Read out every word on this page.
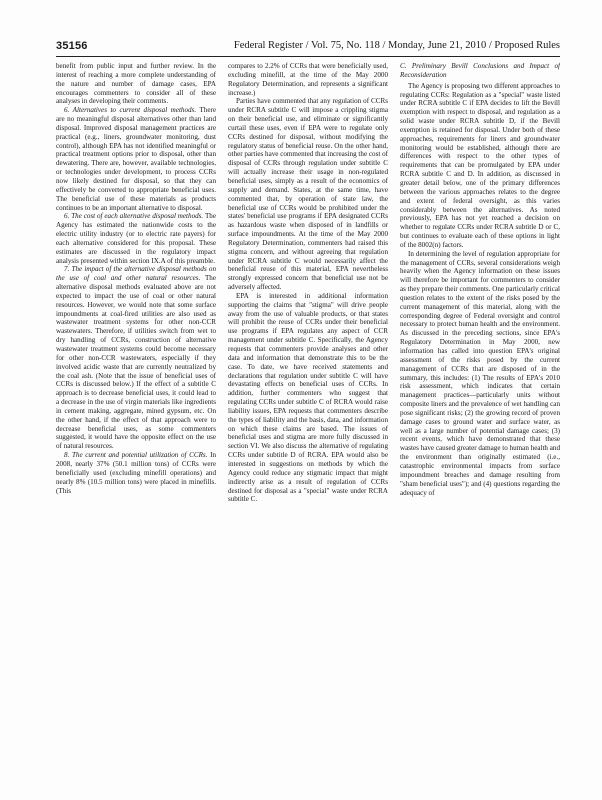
35156	Federal Register / Vol. 75, No. 118 / Monday, June 21, 2010 / Proposed Rules

benefit from public input and further review. In the interest of reaching a more complete understanding of the nature and number of damage cases, EPA encourages commenters to consider all of these analyses in developing their comments.

6. Alternatives to current disposal methods. There are no meaningful disposal alternatives other than land disposal. Improved disposal management practices are practical (e.g., liners, groundwater monitoring, dust control), although EPA has not identified meaningful or practical treatment options prior to disposal, other than dewatering. There are, however, available technologies, or technologies under development, to process CCRs now likely destined for disposal, so that they can effectively be converted to appropriate beneficial uses. The beneficial use of these materials as products continues to be an important alternative to disposal.

6. The cost of each alternative disposal methods. The Agency has estimated the nationwide costs to the electric utility industry (or to electric rate payers) for each alternative considered for this proposal. These estimates are discussed in the regulatory impact analysis presented within section IX.A of this preamble.

7. The impact of the alternative disposal methods on the use of coal and other natural resources. The alternative disposal methods evaluated above are not expected to impact the use of coal or other natural resources. However, we would note that some surface impoundments at coal-fired utilities are also used as wastewater treatment systems for other non-CCR wastewaters. Therefore, if utilities switch from wet to dry handling of CCRs, construction of alternative wastewater treatment systems could become necessary for other non-CCR wastewaters, especially if they involved acidic waste that are currently neutralized by the coal ash. (Note that the issue of beneficial uses of CCRs is discussed below.) If the effect of a subtitle C approach is to decrease beneficial uses, it could lead to a decrease in the use of virgin materials like ingredients in cement making, aggregate, mined gypsum, etc. On the other hand, if the effect of that approach were to decrease beneficial uses, as some commenters suggested, it would have the opposite effect on the use of natural resources.

8. The current and potential utilization of CCRs. In 2008, nearly 37% (50.1 million tons) of CCRs were beneficially used (excluding minefill operations) and nearly 8% (10.5 million tons) were placed in minefills. (This

compares to 2.2% of CCRs that were beneficially used, excluding minefill, at the time of the May 2000 Regulatory Determination, and represents a significant increase.)

Parties have commented that any regulation of CCRs under RCRA subtitle C will impose a crippling stigma on their beneficial use, and eliminate or significantly curtail these uses, even if EPA were to regulate only CCRs destined for disposal, without modifying the regulatory status of beneficial reuse. On the other hand, other parties have commented that increasing the cost of disposal of CCRs through regulation under subtitle C will actually increase their usage in non-regulated beneficial uses, simply as a result of the economics of supply and demand. States, at the same time, have commented that, by operation of state law, the beneficial use of CCRs would be prohibited under the states' beneficial use programs if EPA designated CCRs as hazardous waste when disposed of in landfills or surface impoundments. At the time of the May 2000 Regulatory Determination, commenters had raised this stigma concern, and without agreeing that regulation under RCRA subtitle C would necessarily affect the beneficial reuse of this material, EPA nevertheless strongly expressed concern that beneficial use not be adversely affected.

EPA is interested in additional information supporting the claims that "stigma" will drive people away from the use of valuable products, or that states will prohibit the reuse of CCRs under their beneficial use programs if EPA regulates any aspect of CCR management under subtitle C. Specifically, the Agency requests that commenters provide analyses and other data and information that demonstrate this to be the case. To date, we have received statements and declarations that regulation under subtitle C will have devastating effects on beneficial uses of CCRs. In addition, further commenters who suggest that regulating CCRs under subtitle C of RCRA would raise liability issues, EPA requests that commenters describe the types of liability and the basis, data, and information on which these claims are based. The issues of beneficial uses and stigma are more fully discussed in section VI. We also discuss the alternative of regulating CCRs under subtitle D of RCRA. EPA would also be interested in suggestions on methods by which the Agency could reduce any stigmatic impact that might indirectly arise as a result of regulation of CCRs destined for disposal as a "special" waste under RCRA subtitle C.

C. Preliminary Bevill Conclusions and Impact of Reconsideration

The Agency is proposing two different approaches to regulating CCRs: Regulation as a "special" waste listed under RCRA subtitle C if EPA decides to lift the Bevill exemption with respect to disposal, and regulation as a solid waste under RCRA subtitle D, if the Bevill exemption is retained for disposal. Under both of these approaches, requirements for liners and groundwater monitoring would be established, although there are differences with respect to the other types of requirements that can be promulgated by EPA under RCRA subtitle C and D. In addition, as discussed in greater detail below, one of the primary differences between the various approaches relates to the degree and extent of federal oversight, as this varies considerably between the alternatives. As noted previously, EPA has not yet reached a decision on whether to regulate CCRs under RCRA subtitle D or C, but continues to evaluate each of these options in light of the 8002(n) factors.

In determining the level of regulation appropriate for the management of CCRs, several considerations weigh heavily when the Agency information on these issues will therefore be important for commenters to consider as they prepare their comments. One particularly critical question relates to the extent of the risks posed by the current management of this material, along with the corresponding degree of Federal oversight and control necessary to protect human health and the environment. As discussed in the preceding sections, since EPA's Regulatory Determination in May 2000, new information has called into question EPA's original assessment of the risks posed by the current management of CCRs that are disposed of in the summary, this includes: (1) The results of EPA's 2010 risk assessment, which indicates that certain management practices—particularly units without composite liners and the prevalence of wet handling can pose significant risks; (2) the growing record of proven damage cases to ground water and surface water, as well as a large number of potential damage cases; (3) recent events, which have demonstrated that these wastes have caused greater damage to human health and the environment than originally estimated (i.e., catastrophic environmental impacts from surface impoundment breaches and damage resulting from "sham beneficial uses"); and (4) questions regarding the adequacy of
